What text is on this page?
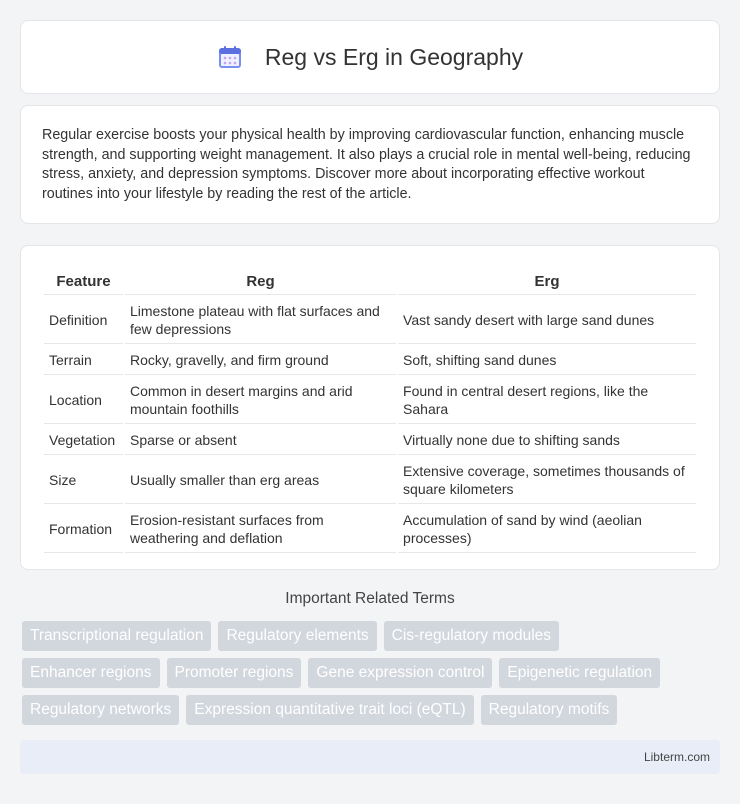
Reg vs Erg in Geography

Regular exercise boosts your physical health by improving cardiovascular function, enhancing muscle strength, and supporting weight management. It also plays a crucial role in mental well-being, reducing stress, anxiety, and depression symptoms. Discover more about incorporating effective workout routines into your lifestyle by reading the rest of the article.

Feature	Reg	Erg
Definition	Limestone plateau with flat surfaces and few depressions	Vast sandy desert with large sand dunes
Terrain	Rocky, gravelly, and firm ground	Soft, shifting sand dunes
Location	Common in desert margins and arid mountain foothills	Found in central desert regions, like the Sahara
Vegetation	Sparse or absent	Virtually none due to shifting sands
Size	Usually smaller than erg areas	Extensive coverage, sometimes thousands of square kilometers
Formation	Erosion-resistant surfaces from weathering and deflation	Accumulation of sand by wind (aeolian processes)
Important Related Terms
Transcriptional regulation	Regulatory elements	Cis-regulatory modules
Enhancer regions	Promoter regions	Gene expression control	Epigenetic regulation
Regulatory networks	Expression quantitative trait loci (eQTL)	Regulatory motifs
Libterm.com
